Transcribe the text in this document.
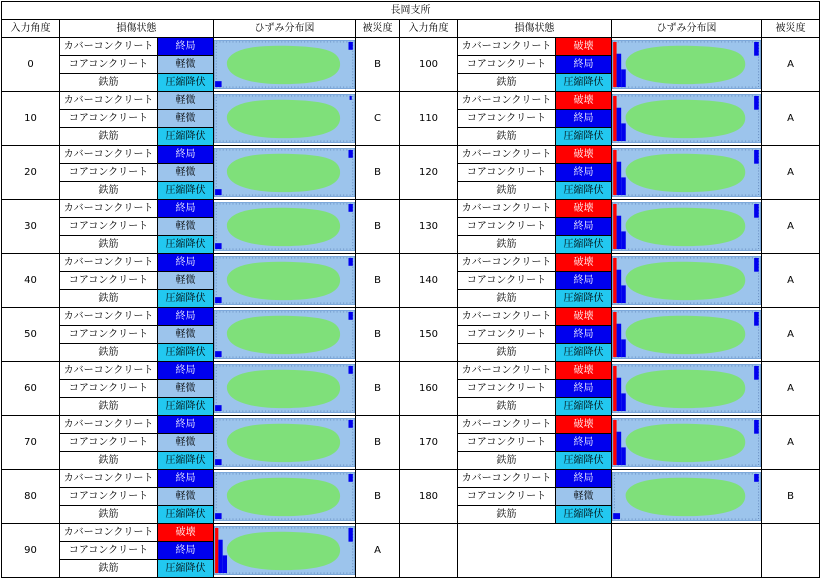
長岡支所									
入力角度	損傷状態		ひずみ分布図	被災度	入力角度	損傷状態		ひずみ分布図	被災度
0	カバーコンクリート	終局		B	100	カバーコンクリート	破壊		A
	コアコンクリート	軽微				コアコンクリート	終局		
	鉄筋	圧縮降伏				鉄筋	圧縮降伏		
10	カバーコンクリート	軽微		C	110	カバーコンクリート	破壊		A
	コアコンクリート	軽微				コアコンクリート	終局		
	鉄筋	圧縮降伏				鉄筋	圧縮降伏		
20	カバーコンクリート	終局		B	120	カバーコンクリート	破壊		A
	コアコンクリート	軽微				コアコンクリート	終局		
	鉄筋	圧縮降伏				鉄筋	圧縮降伏		
30	カバーコンクリート	終局		B	130	カバーコンクリート	破壊		A
	コアコンクリート	軽微				コアコンクリート	終局		
	鉄筋	圧縮降伏				鉄筋	圧縮降伏		
40	カバーコンクリート	終局		B	140	カバーコンクリート	破壊		A
	コアコンクリート	軽微				コアコンクリート	終局		
	鉄筋	圧縮降伏				鉄筋	圧縮降伏		
50	カバーコンクリート	終局		B	150	カバーコンクリート	破壊		A
	コアコンクリート	軽微				コアコンクリート	終局		
	鉄筋	圧縮降伏				鉄筋	圧縮降伏		
60	カバーコンクリート	終局		B	160	カバーコンクリート	破壊		A
	コアコンクリート	軽微				コアコンクリート	終局		
	鉄筋	圧縮降伏				鉄筋	圧縮降伏		
70	カバーコンクリート	終局		B	170	カバーコンクリート	破壊		A
	コアコンクリート	軽微				コアコンクリート	終局		
	鉄筋	圧縮降伏				鉄筋	圧縮降伏		
80	カバーコンクリート	終局		B	180	カバーコンクリート	終局		B
	コアコンクリート	軽微				コアコンクリート	軽微		
	鉄筋	圧縮降伏				鉄筋	圧縮降伏		
90	カバーコンクリート	破壊		A					
	コアコンクリート	終局							
	鉄筋	圧縮降伏							
